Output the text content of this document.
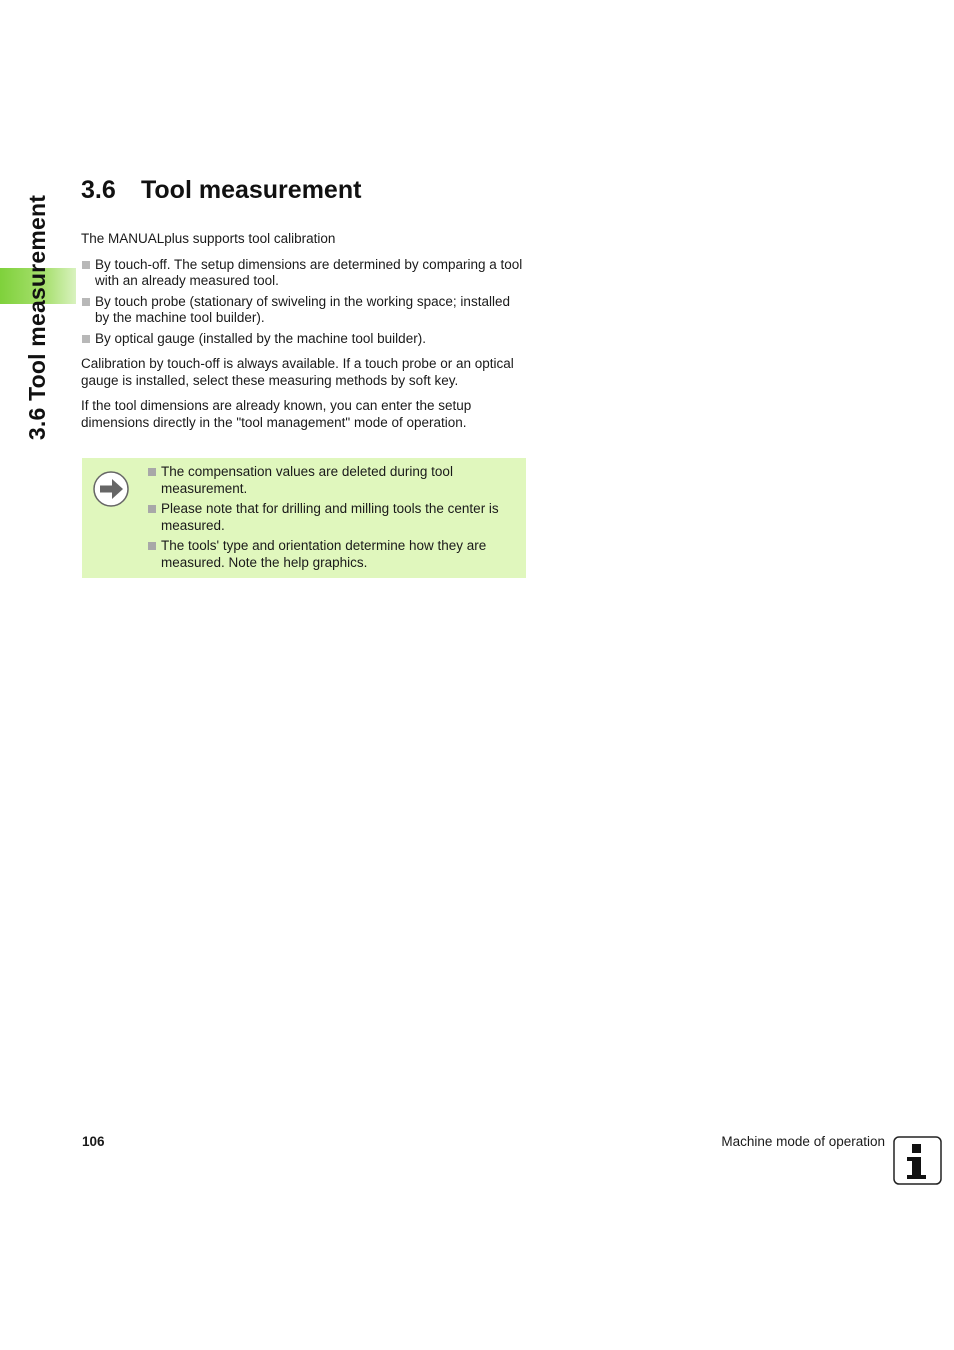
3.6 Tool measurement
3.6 Tool measurement

The MANUALplus supports tool calibration

By touch-off. The setup dimensions are determined by comparing a tool with an already measured tool.
By touch probe (stationary of swiveling in the working space; installed by the machine tool builder).
By optical gauge (installed by the machine tool builder).

Calibration by touch-off is always available. If a touch probe or an optical gauge is installed, select these measuring methods by soft key.

If the tool dimensions are already known, you can enter the setup dimensions directly in the "tool management" mode of operation.

The compensation values are deleted during tool measurement.
Please note that for drilling and milling tools the center is measured.
The tools' type and orientation determine how they are measured. Note the help graphics.
106	Machine mode of operation
